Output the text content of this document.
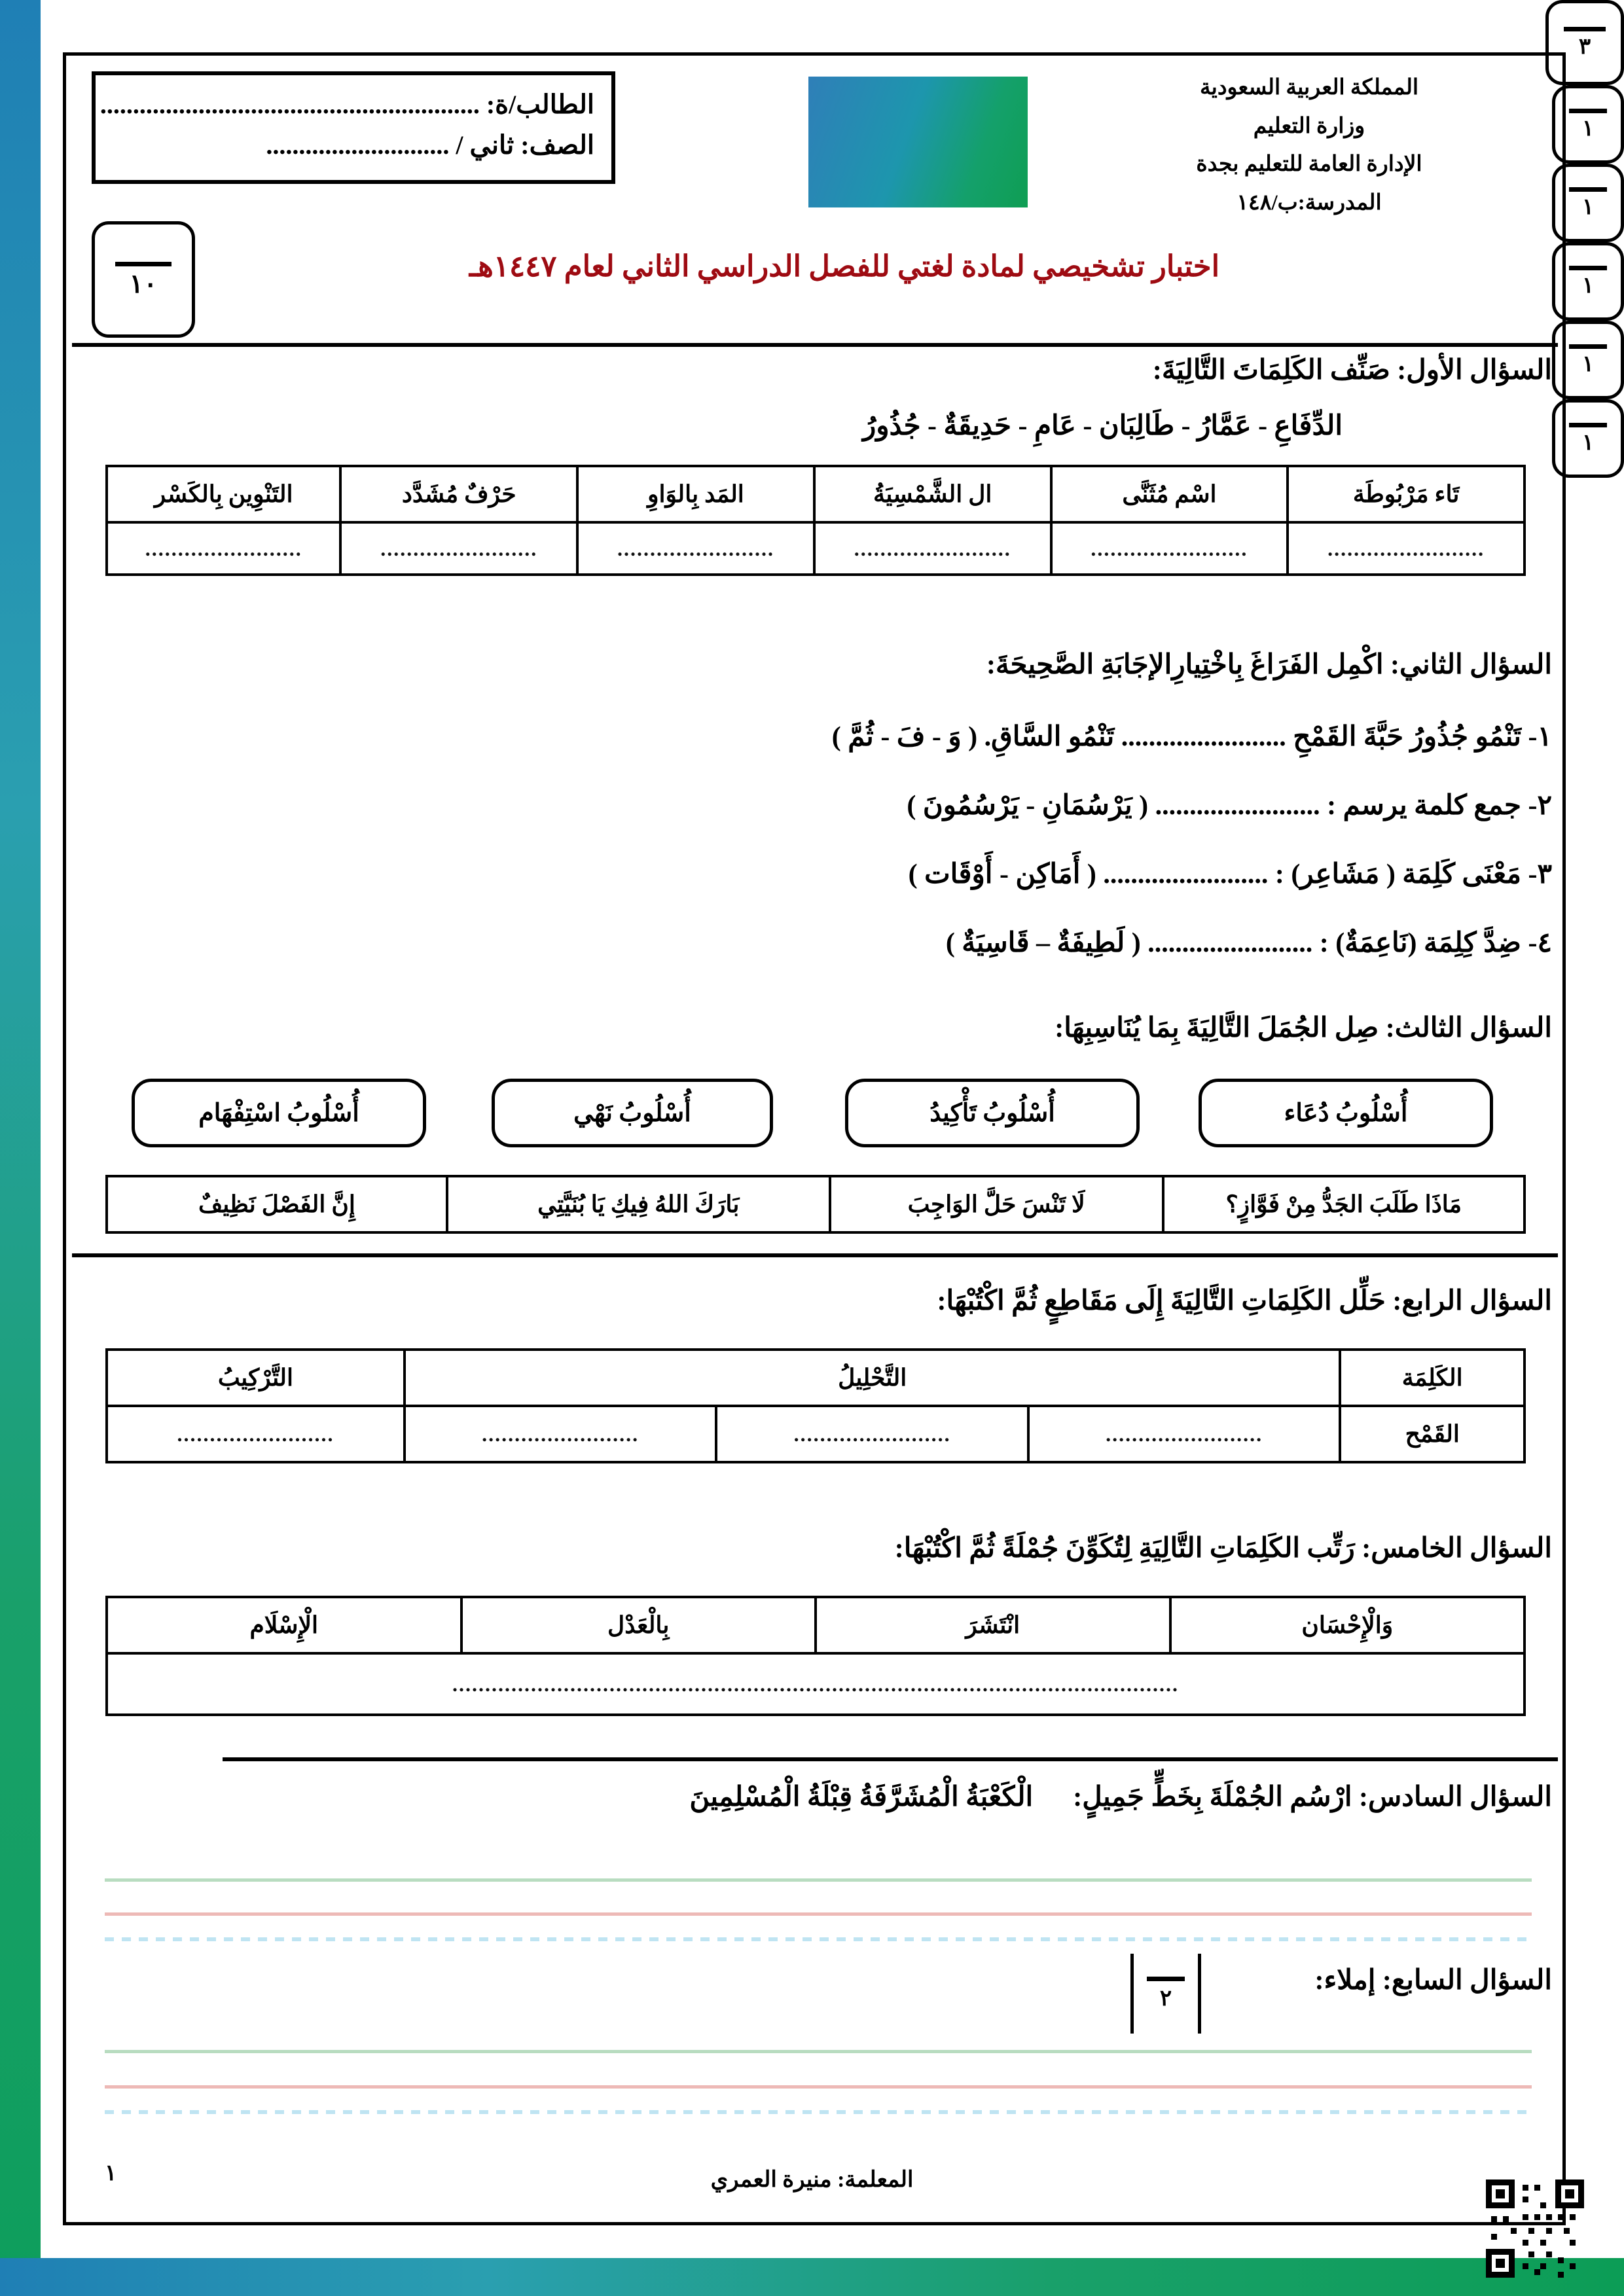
الطالب/ة: ..........................................................
الصف: ثاني / ............................
المملكة العربية السعودية
وزارة التعليم
الإدارة العامة للتعليم بجدة
المدرسة:ب/١٤٨
١٠
اختبار تشخيصي لمادة لغتي للفصل الدراسي الثاني لعام ١٤٤٧هـ
السؤال الأول: صَنِّف الكَلِمَاتَ التَّالِيَةَ:
٣
الدِّفَاعِ - عَمَّارُ - طَالِبَان - عَامِ - حَدِيقَةٌ - جُذُورُ
تَاء مَرْبُوطَة	اسْم مُثَنَّى	ال الشَّمْسِيَةُ	المَد بِالوَاوِ	حَرْفٌ مُشَدَّد	التَنْوِين بِالكَسْر
........................	........................	........................	........................	........................	........................
السؤال الثاني: اكْمِل الفَرَاغَ بِاخْتِيارِالإجَابَةِ الصَّحِيحَةَ:
١
١- تَنْمُو جُذُورُ حَبَّةَ القَمْحِ ........................ تَنْمُو السَّاقِ. ( وَ - فَ - ثُمَّ )
٢- جمع كلمة يرسم : ........................ ( يَرْسُمَانِ - يَرْسُمُونَ )
٣- مَعْنَى كَلِمَة ( مَشَاعِر) : ........................ ( أَمَاكِن - أَوْقَات )
٤- ضِدَّ كِلِمَة (نَاعِمَةٌ) : ........................ ( لَطِيفَةٌ – قَاسِيَةٌ )
السؤال الثالث: صِل الجُمَلَ التَّالِيَةَ بِمَا يُنَاسِبِهَا:
١
أُسْلُوبُ اسْتِفْهَام	أُسْلُوبُ نَهْي	أُسْلُوبُ تَأْكِيدُ	أُسْلُوبُ دُعَاء
مَاذَا طَلَبَ الجَدُّ مِنْ فَوَّازٍ؟	لَا تَنْسَ حَلَّ الوَاجِبَ	بَارَكَ اللهُ فِيكِ يَا بُنَيَّتِي	إِنَّ الفَصْلَ نَظِيفٌ
السؤال الرابع: حَلِّل الكَلِمَاتِ التَّالِيَةَ إِلَى مَقَاطِعٍ ثُمَّ اكْتُبْهَا:
١
الكَلِمَة	التَّحْلِيلُ			التَّرْكِيبُ
القَمْح	........................	........................	........................	........................
السؤال الخامس: رَتِّب الكَلِمَاتِ التَّالِيَةِ لِتُكَوِّنَ جُمْلَةً ثُمَّ اكْتُبْهَا:
١
وَالْإِحْسَان	انْتَشَرَ	بِالْعَدْل	الْإِسْلَام
...............................................................................................................
السؤال السادس: ارْسُم الجُمْلَةَ بِخَطٍّ جَمِيلٍ:  الْكَعْبَةُ الْمُشَرَّفَةُ قِبْلَةُ الْمُسْلِمِينَ
١
السؤال السابع: إملاء:
٢
المعلمة: منيرة العمري
١
